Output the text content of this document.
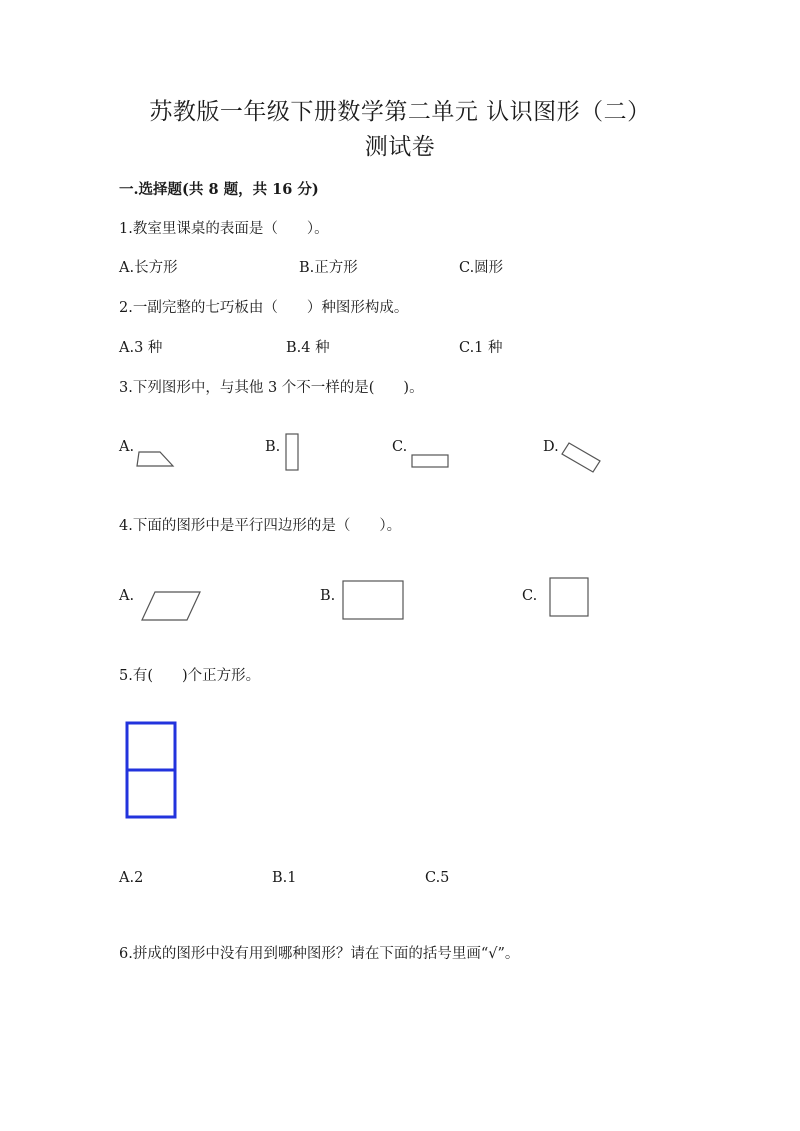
苏教版一年级下册数学第二单元 认识图形（二）
测试卷
一.选择题(共 8 题，共 16 分)
1.教室里课桌的表面是（　　）。
A.长方形	B.正方形	C.圆形
2.一副完整的七巧板由（　　）种图形构成。
A.3 种	B.4 种	C.1 种
3.下列图形中，与其他 3 个不一样的是(　　)。
A.	B.	C.	D.
4.下面的图形中是平行四边形的是（　　）。
A.	B.	C.
5.有(　　)个正方形。
A.2	B.1	C.5
6.拼成的图形中没有用到哪种图形？请在下面的括号里画“√”。
